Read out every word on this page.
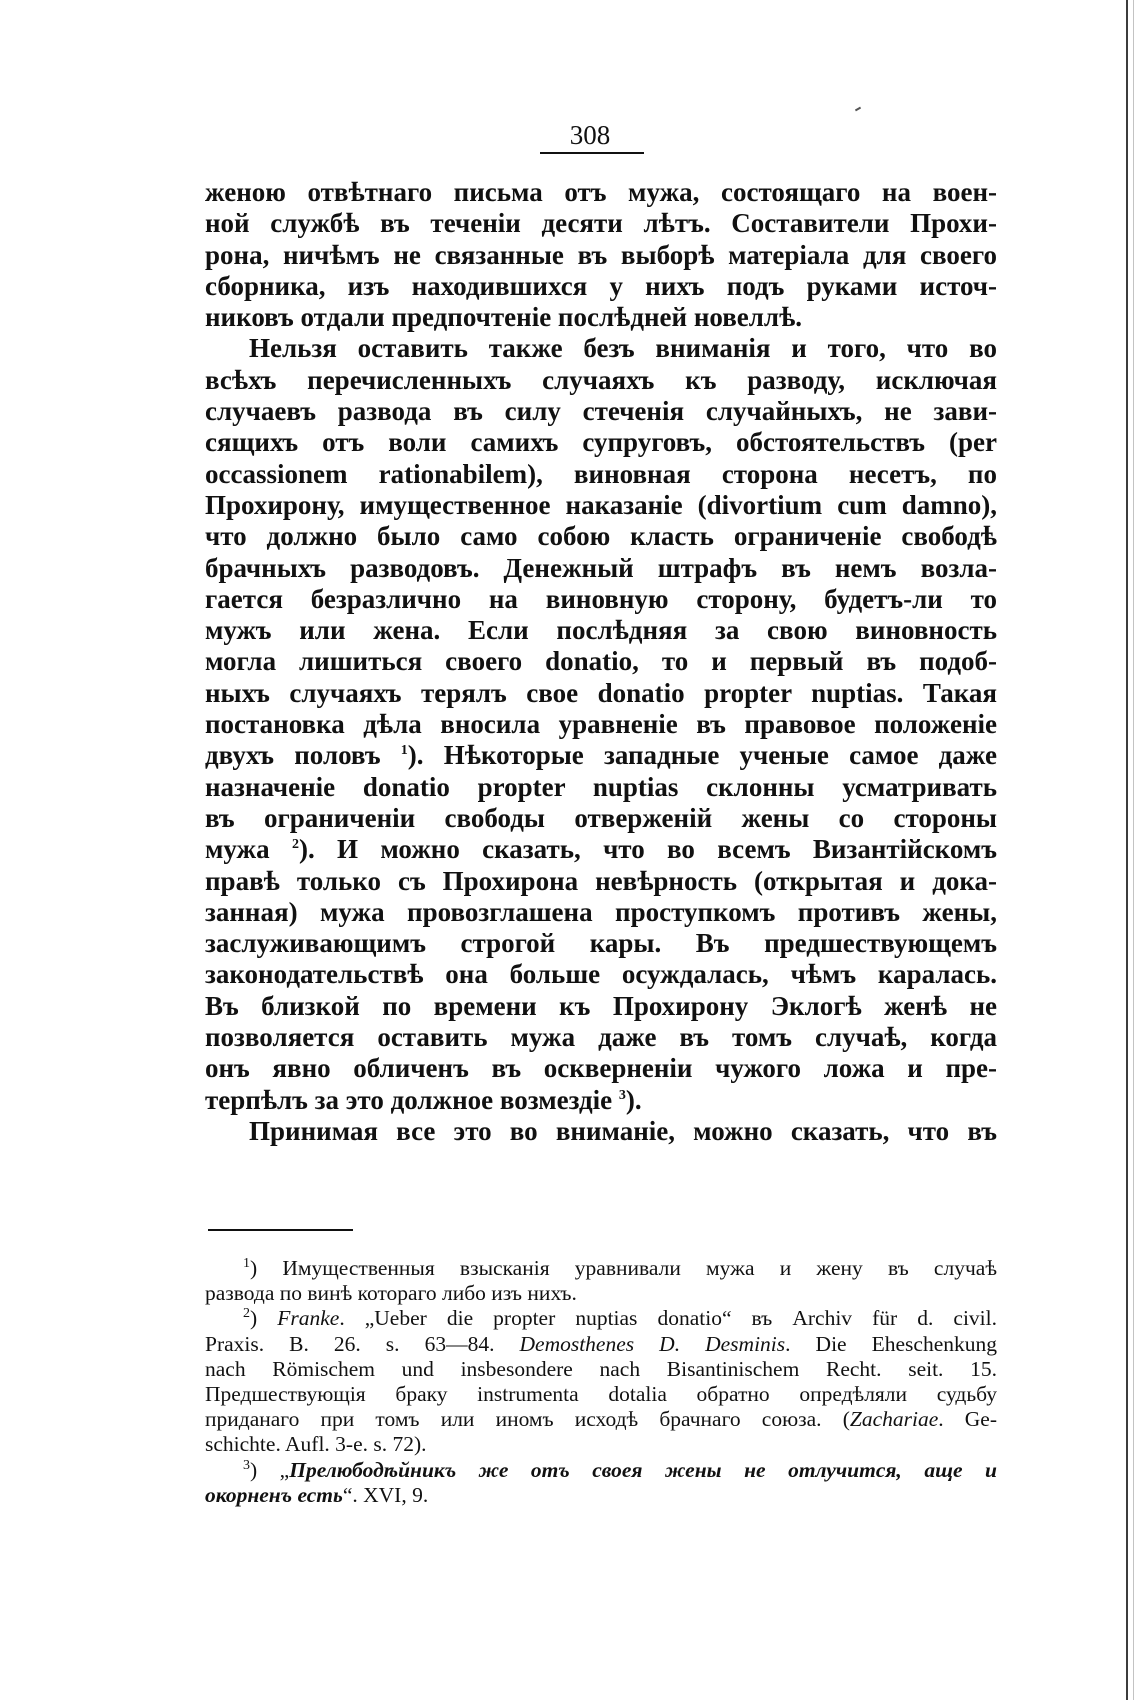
308
женою отвѣтнаго письма отъ мужа, состоящаго на воен-
ной службѣ въ теченіи десяти лѣтъ. Составители Прохи-
рона, ничѣмъ не связанные въ выборѣ матеріала для своего
сборника, изъ находившихся у нихъ подъ руками источ-
никовъ отдали предпочтеніе послѣдней новеллѣ.
Нельзя оставить также безъ вниманія и того, что во
всѣхъ перечисленныхъ случаяхъ къ разводу, исключая
случаевъ развода въ силу стеченія случайныхъ, не зави-
сящихъ отъ воли самихъ супруговъ, обстоятельствъ (per
occassionem rationabilem), виновная сторона несетъ, по
Прохирону, имущественное наказаніе (divortium cum damno),
что должно было само собою класть ограниченіе свободѣ
брачныхъ разводовъ. Денежный штрафъ въ немъ возла-
гается безразлично на виновную сторону, будетъ-ли то
мужъ или жена. Если послѣдняя за свою виновность
могла лишиться своего donatio, то и первый въ подоб-
ныхъ случаяхъ терялъ свое donatio propter nuptias. Такая
постановка дѣла вносила уравненіе въ правовое положеніе
двухъ половъ $^1$). Нѣкоторые западные ученые самое даже
назначеніе donatio propter nuptias склонны усматривать
въ ограниченіи свободы отверженій жены со стороны
мужа $^2$). И можно сказать, что во всемъ Византійскомъ
правѣ только съ Прохирона невѣрность (открытая и дока-
занная) мужа провозглашена проступкомъ противъ жены,
заслуживающимъ строгой кары. Въ предшествующемъ
законодательствѣ она больше осуждалась, чѣмъ каралась.
Въ близкой по времени къ Прохирону Эклогѣ женѣ не
позволяется оставить мужа даже въ томъ случаѣ, когда
онъ явно обличенъ въ оскверненіи чужого ложа и пре-
терпѣлъ за это должное возмездіе $^3$).
Принимая все это во вниманіе, можно сказать, что въ
$^1$) Имущественныя взысканія уравнивали мужа и жену въ случаѣ
развода по винѣ котораго либо изъ нихъ.
$^2$) Franke. „Ueber die propter nuptias donatio“ въ Archiv für d. civil.
Praxis. B. 26. s. 63—84. Demosthenes D. Desminis. Die Eheschenkung
nach Römischem und insbesondere nach Bisantinischem Recht. seit. 15.
Предшествующія браку instrumenta dotalia обратно опредѣляли судьбу
приданаго при томъ или иномъ исходѣ брачнаго союза. (Zachariae. Ge-
schichte. Aufl. 3-e. s. 72).
$^3$) „Прелюбодѣйникъ же отъ своея жены не отлучится, аще и
окорненъ есть“. XVI, 9.
